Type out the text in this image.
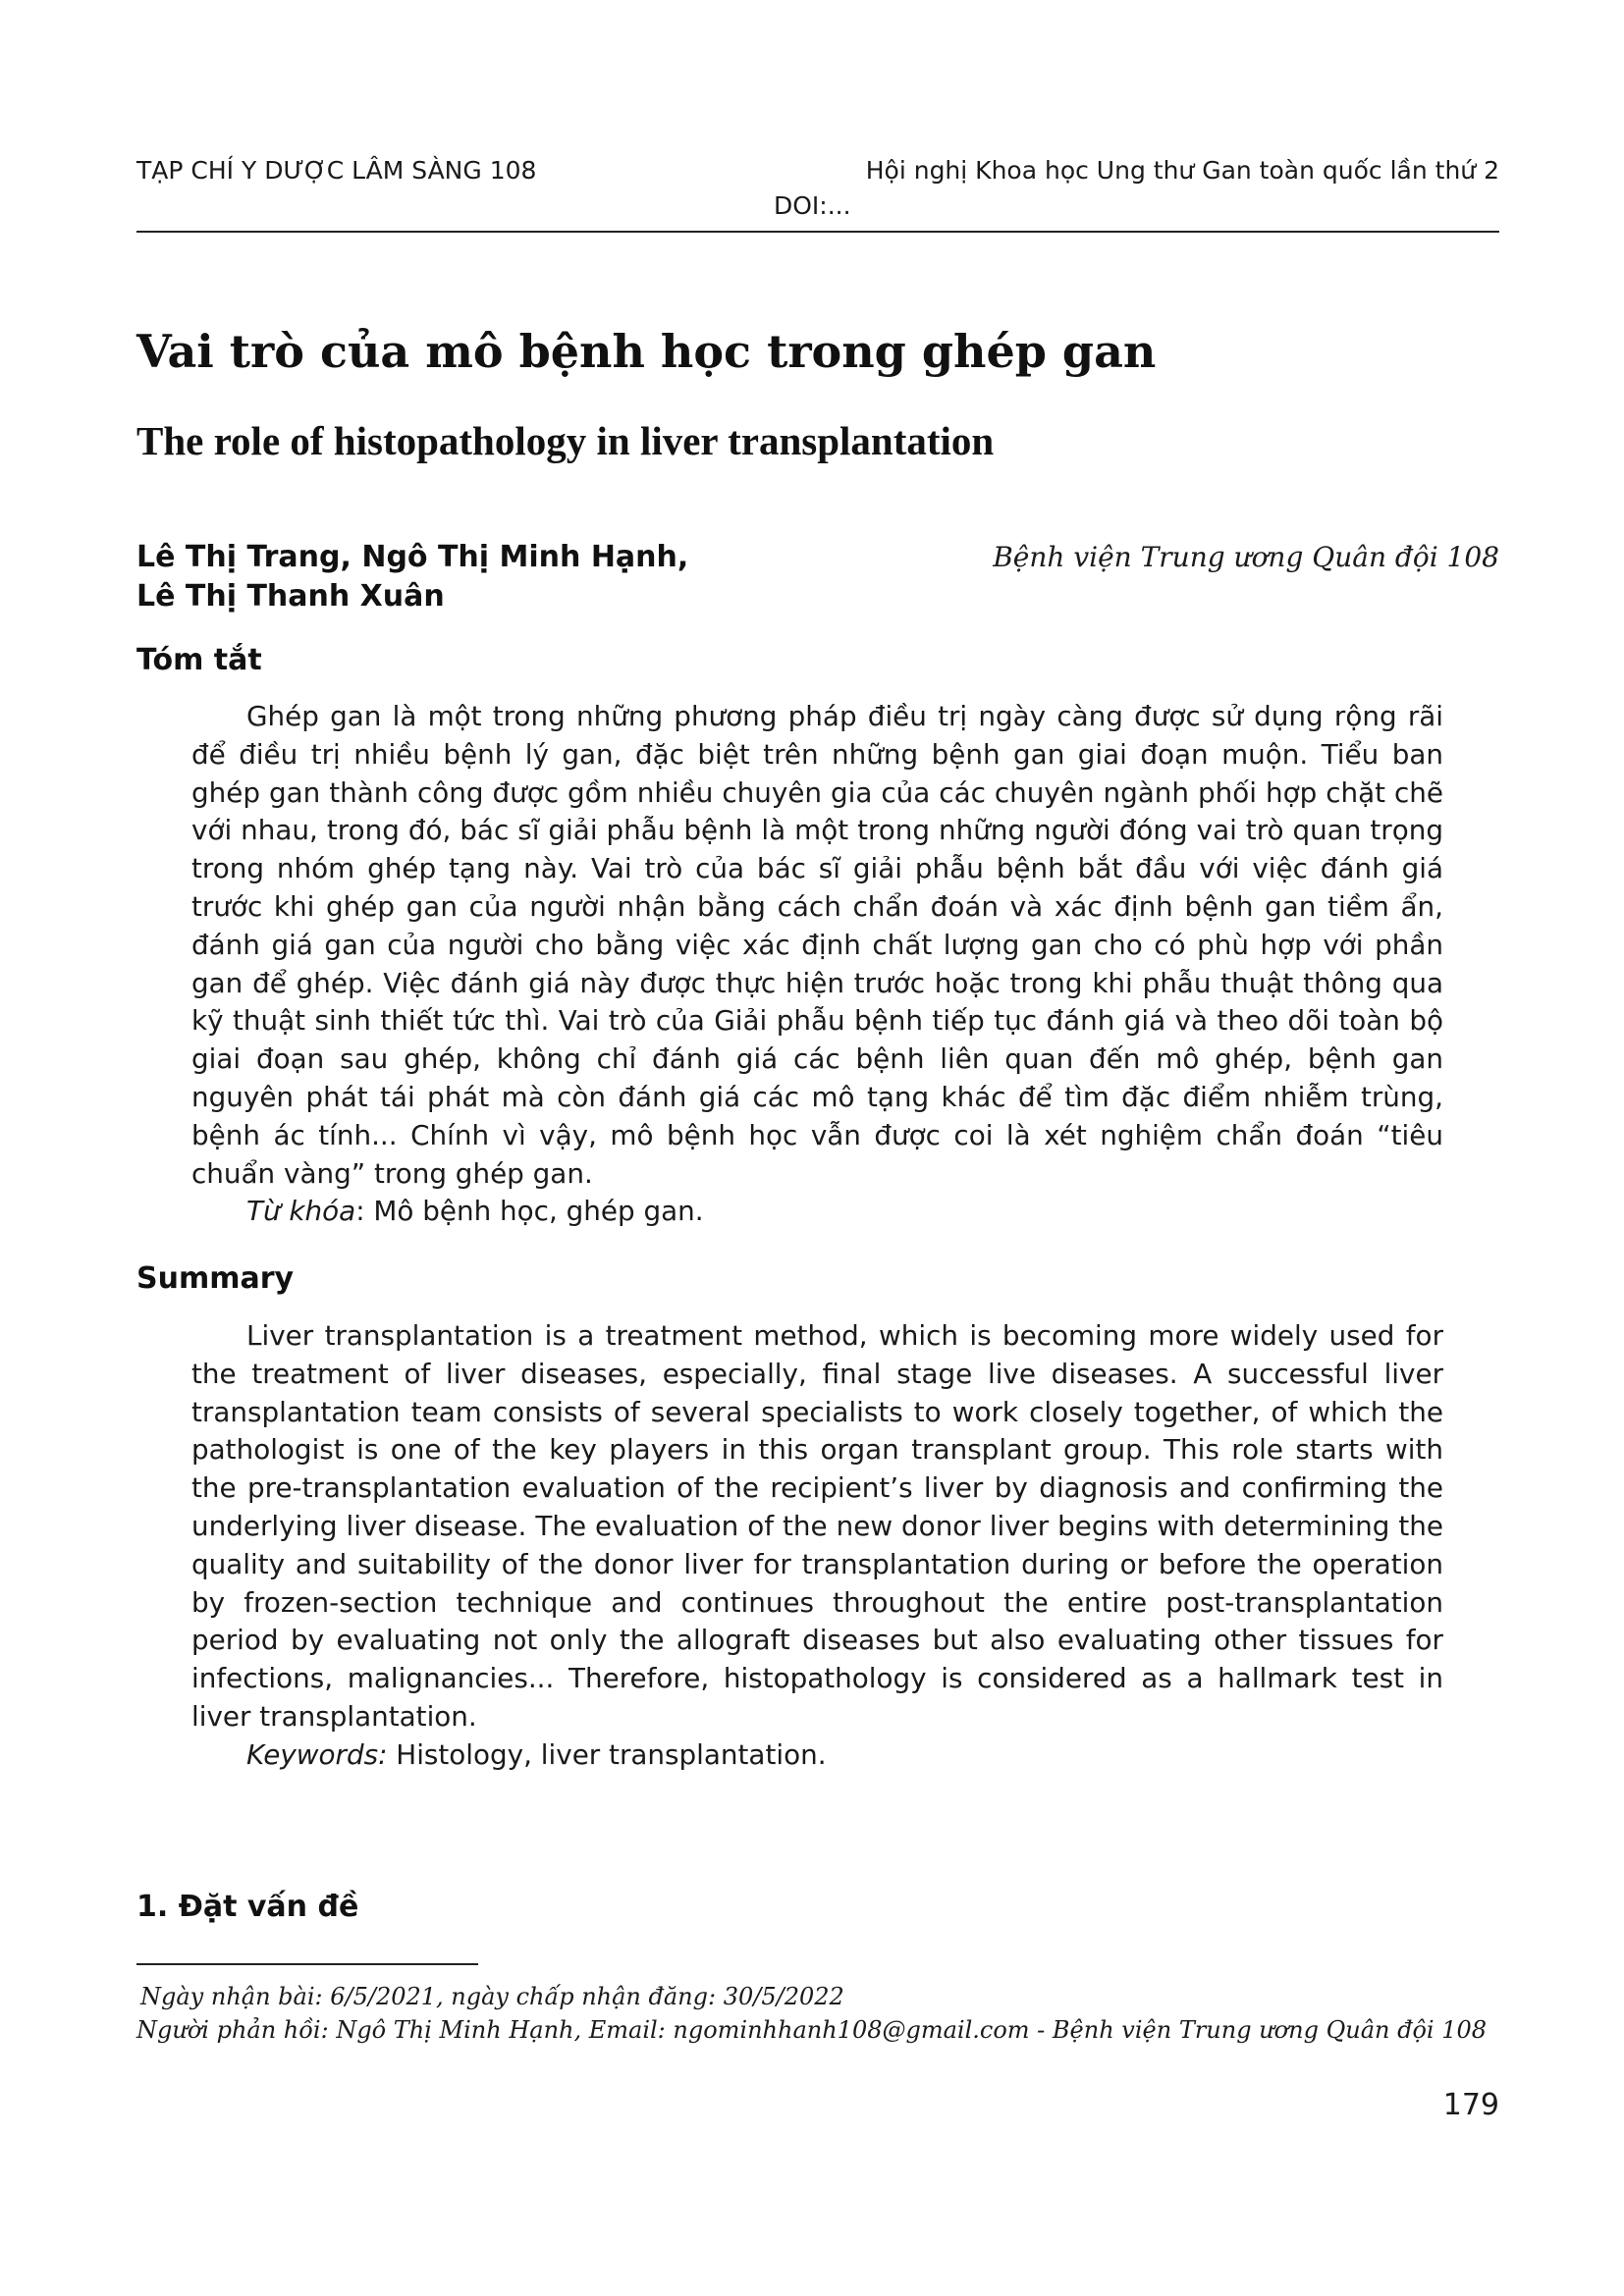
TẠP CHÍ Y DƯỢC LÂM SÀNG 108	Hội nghị Khoa học Ung thư Gan toàn quốc lần thứ 2
DOI:...
Vai trò của mô bệnh học trong ghép gan
The role of histopathology in liver transplantation
Lê Thị Trang, Ngô Thị Minh Hạnh,
Lê Thị Thanh Xuân
Bệnh viện Trung ương Quân đội 108
Tóm tắt

Ghép gan là một trong những phương pháp điều trị ngày càng được sử dụng rộng rãi để điều trị nhiều bệnh lý gan, đặc biệt trên những bệnh gan giai đoạn muộn. Tiểu ban ghép gan thành công được gồm nhiều chuyên gia của các chuyên ngành phối hợp chặt chẽ với nhau, trong đó, bác sĩ giải phẫu bệnh là một trong những người đóng vai trò quan trọng trong nhóm ghép tạng này. Vai trò của bác sĩ giải phẫu bệnh bắt đầu với việc đánh giá trước khi ghép gan của người nhận bằng cách chẩn đoán và xác định bệnh gan tiềm ẩn, đánh giá gan của người cho bằng việc xác định chất lượng gan cho có phù hợp với phần gan để ghép. Việc đánh giá này được thực hiện trước hoặc trong khi phẫu thuật thông qua kỹ thuật sinh thiết tức thì. Vai trò của Giải phẫu bệnh tiếp tục đánh giá và theo dõi toàn bộ giai đoạn sau ghép, không chỉ đánh giá các bệnh liên quan đến mô ghép, bệnh gan nguyên phát tái phát mà còn đánh giá các mô tạng khác để tìm đặc điểm nhiễm trùng, bệnh ác tính... Chính vì vậy, mô bệnh học vẫn được coi là xét nghiệm chẩn đoán “tiêu chuẩn vàng” trong ghép gan.

Từ khóa: Mô bệnh học, ghép gan.

Summary

Liver transplantation is a treatment method, which is becoming more widely used for the treatment of liver diseases, especially, final stage live diseases. A successful liver transplantation team consists of several specialists to work closely together, of which the pathologist is one of the key players in this organ transplant group. This role starts with the pre-transplantation evaluation of the recipient’s liver by diagnosis and confirming the underlying liver disease. The evaluation of the new donor liver begins with determining the quality and suitability of the donor liver for transplantation during or before the operation by frozen-section technique and continues throughout the entire post-transplantation period by evaluating not only the allograft diseases but also evaluating other tissues for infections, malignancies... Therefore, histopathology is considered as a hallmark test in liver transplantation.

Keywords: Histology, liver transplantation.

1. Đặt vấn đề
Ngày nhận bài: 6/5/2021, ngày chấp nhận đăng: 30/5/2022
Người phản hồi: Ngô Thị Minh Hạnh, Email: ngominhhanh108@gmail.com - Bệnh viện Trung ương Quân đội 108
179
